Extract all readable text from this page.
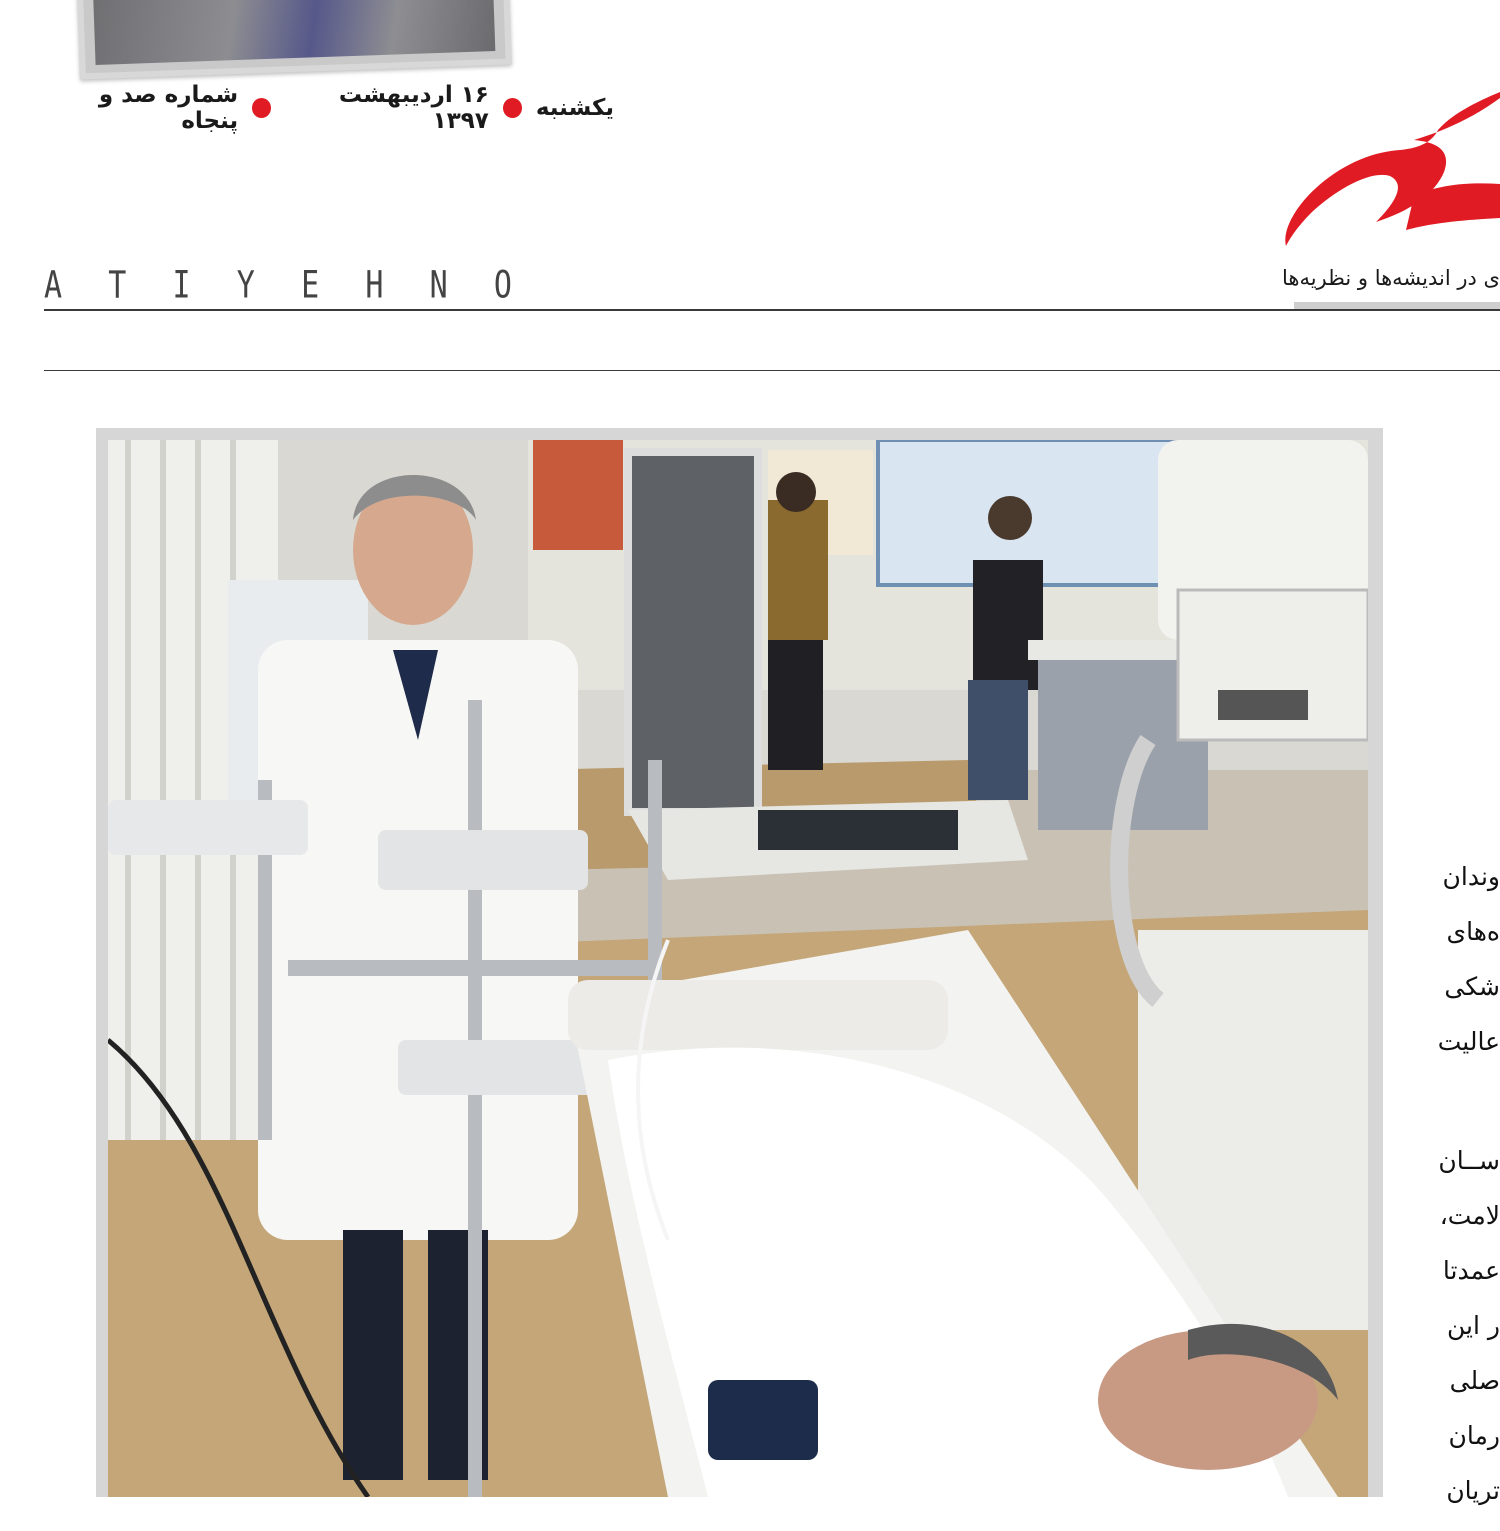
یکشنبه
۱۶ اردیبهشت ۱۳۹۷
شماره صد و پنجاه
ی در اندیشه‌ها و نظریه‌ها
A T I Y E H N O
وندان
ه‌های
شکی
عالیت
ســان
لامت،
عمدتا
ر این
صلی
رمان
تریان
